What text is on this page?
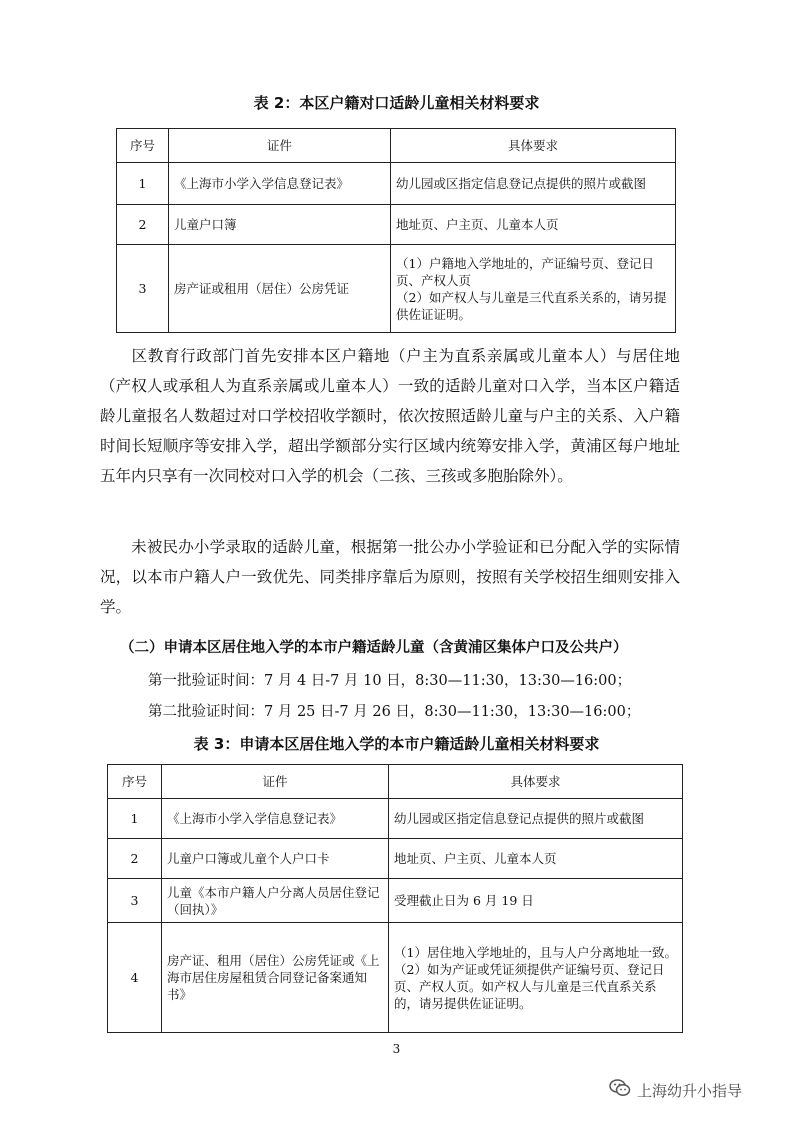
表 2：本区户籍对口适龄儿童相关材料要求
序号	证件	具体要求
1	《上海市小学入学信息登记表》	幼儿园或区指定信息登记点提供的照片或截图

2	儿童户口簿	地址页、户主页、儿童本人页

3	房产证或租用（居住）公房凭证	（1）户籍地入学地址的，产证编号页、登记日页、产权人页

（2）如产权人与儿童是三代直系关系的，请另提供佐证证明。

区教育行政部门首先安排本区户籍地（户主为直系亲属或儿童本人）与居住地（产权人或承租人为直系亲属或儿童本人）一致的适龄儿童对口入学，当本区户籍适龄儿童报名人数超过对口学校招收学额时，依次按照适龄儿童与户主的关系、入户籍时间长短顺序等安排入学，超出学额部分实行区域内统筹安排入学，黄浦区每户地址五年内只享有一次同校对口入学的机会（二孩、三孩或多胞胎除外）。

未被民办小学录取的适龄儿童，根据第一批公办小学验证和已分配入学的实际情况，以本市户籍人户一致优先、同类排序靠后为原则，按照有关学校招生细则安排入学。

（二）申请本区居住地入学的本市户籍适龄儿童（含黄浦区集体户口及公共户）
第一批验证时间：7 月 4 日-7 月 10 日，8:30—11:30，13:30—16:00；
第二批验证时间：7 月 25 日-7 月 26 日，8:30—11:30，13:30—16:00；
表 3：申请本区居住地入学的本市户籍适龄儿童相关材料要求
序号	证件	具体要求
1	《上海市小学入学信息登记表》	幼儿园或区指定信息登记点提供的照片或截图

2	儿童户口簿或儿童个人户口卡	地址页、户主页、儿童本人页

3	儿童《本市户籍人户分离人员居住登记（回执）》	受理截止日为 6 月 19 日

4	房产证、租用（居住）公房凭证或《上海市居住房屋租赁合同登记备案通知书》	（1）居住地入学地址的，且与人户分离地址一致。

（2）如为产证或凭证须提供产证编号页、登记日页、产权人页。如产权人与儿童是三代直系关系的，请另提供佐证证明。

3
上海幼升小指导
